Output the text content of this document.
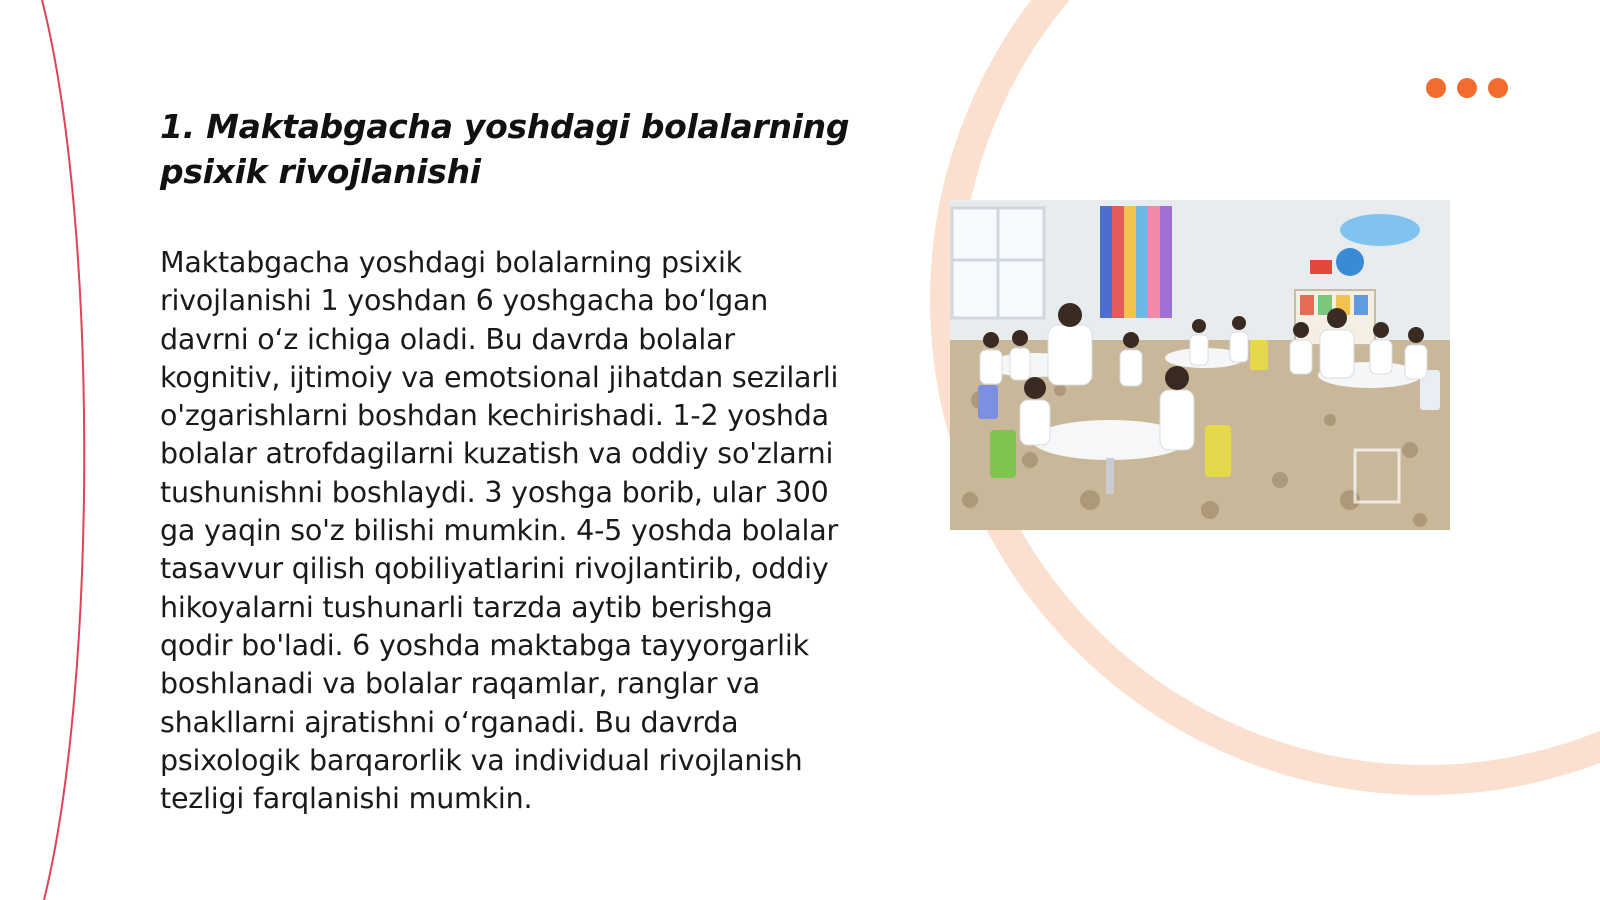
1. Maktabgacha yoshdagi bolalarning psixik rivojlanishi

Maktabgacha yoshdagi bolalarning psixik rivojlanishi 1 yoshdan 6 yoshgacha boʻlgan davrni oʻz ichiga oladi. Bu davrda bolalar kognitiv, ijtimoiy va emotsional jihatdan sezilarli o'zgarishlarni boshdan kechirishadi. 1-2 yoshda bolalar atrofdagilarni kuzatish va oddiy so'zlarni tushunishni boshlaydi. 3 yoshga borib, ular 300 ga yaqin so'z bilishi mumkin. 4-5 yoshda bolalar tasavvur qilish qobiliyatlarini rivojlantirib, oddiy hikoyalarni tushunarli tarzda aytib berishga qodir bo'ladi. 6 yoshda maktabga tayyorgarlik boshlanadi va bolalar raqamlar, ranglar va shakllarni ajratishni oʻrganadi. Bu davrda psixologik barqarorlik va individual rivojlanish tezligi farqlanishi mumkin.
